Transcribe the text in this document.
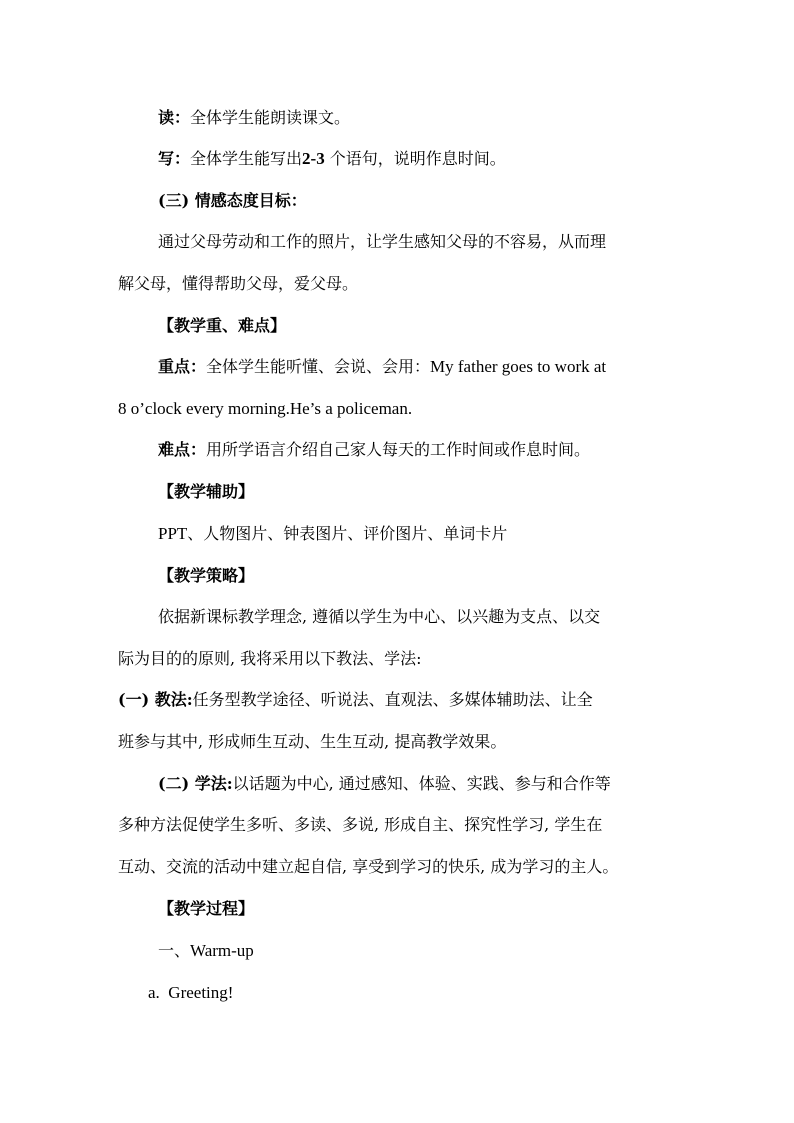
读：全体学生能朗读课文。
写：全体学生能写出2-3 个语句，说明作息时间。
(三) 情感态度目标：
通过父母劳动和工作的照片，让学生感知父母的不容易，从而理
解父母，懂得帮助父母，爱父母。
【教学重、难点】
重点：全体学生能听懂、会说、会用：My father goes to work at
8 o’clock every morning.He’s a policeman.
难点：用所学语言介绍自己家人每天的工作时间或作息时间。
【教学辅助】
PPT、人物图片、钟表图片、评价图片、单词卡片
【教学策略】
依据新课标教学理念, 遵循以学生为中心、以兴趣为支点、以交
际为目的的原则, 我将采用以下教法、学法:
(一) 教法:任务型教学途径、听说法、直观法、多媒体辅助法、让全
班参与其中, 形成师生互动、生生互动, 提高教学效果。
(二) 学法:以话题为中心, 通过感知、体验、实践、参与和合作等
多种方法促使学生多听、多读、多说, 形成自主、探究性学习, 学生在
互动、交流的活动中建立起自信, 享受到学习的快乐, 成为学习的主人。
【教学过程】
一、Warm-up
a.  Greeting!
